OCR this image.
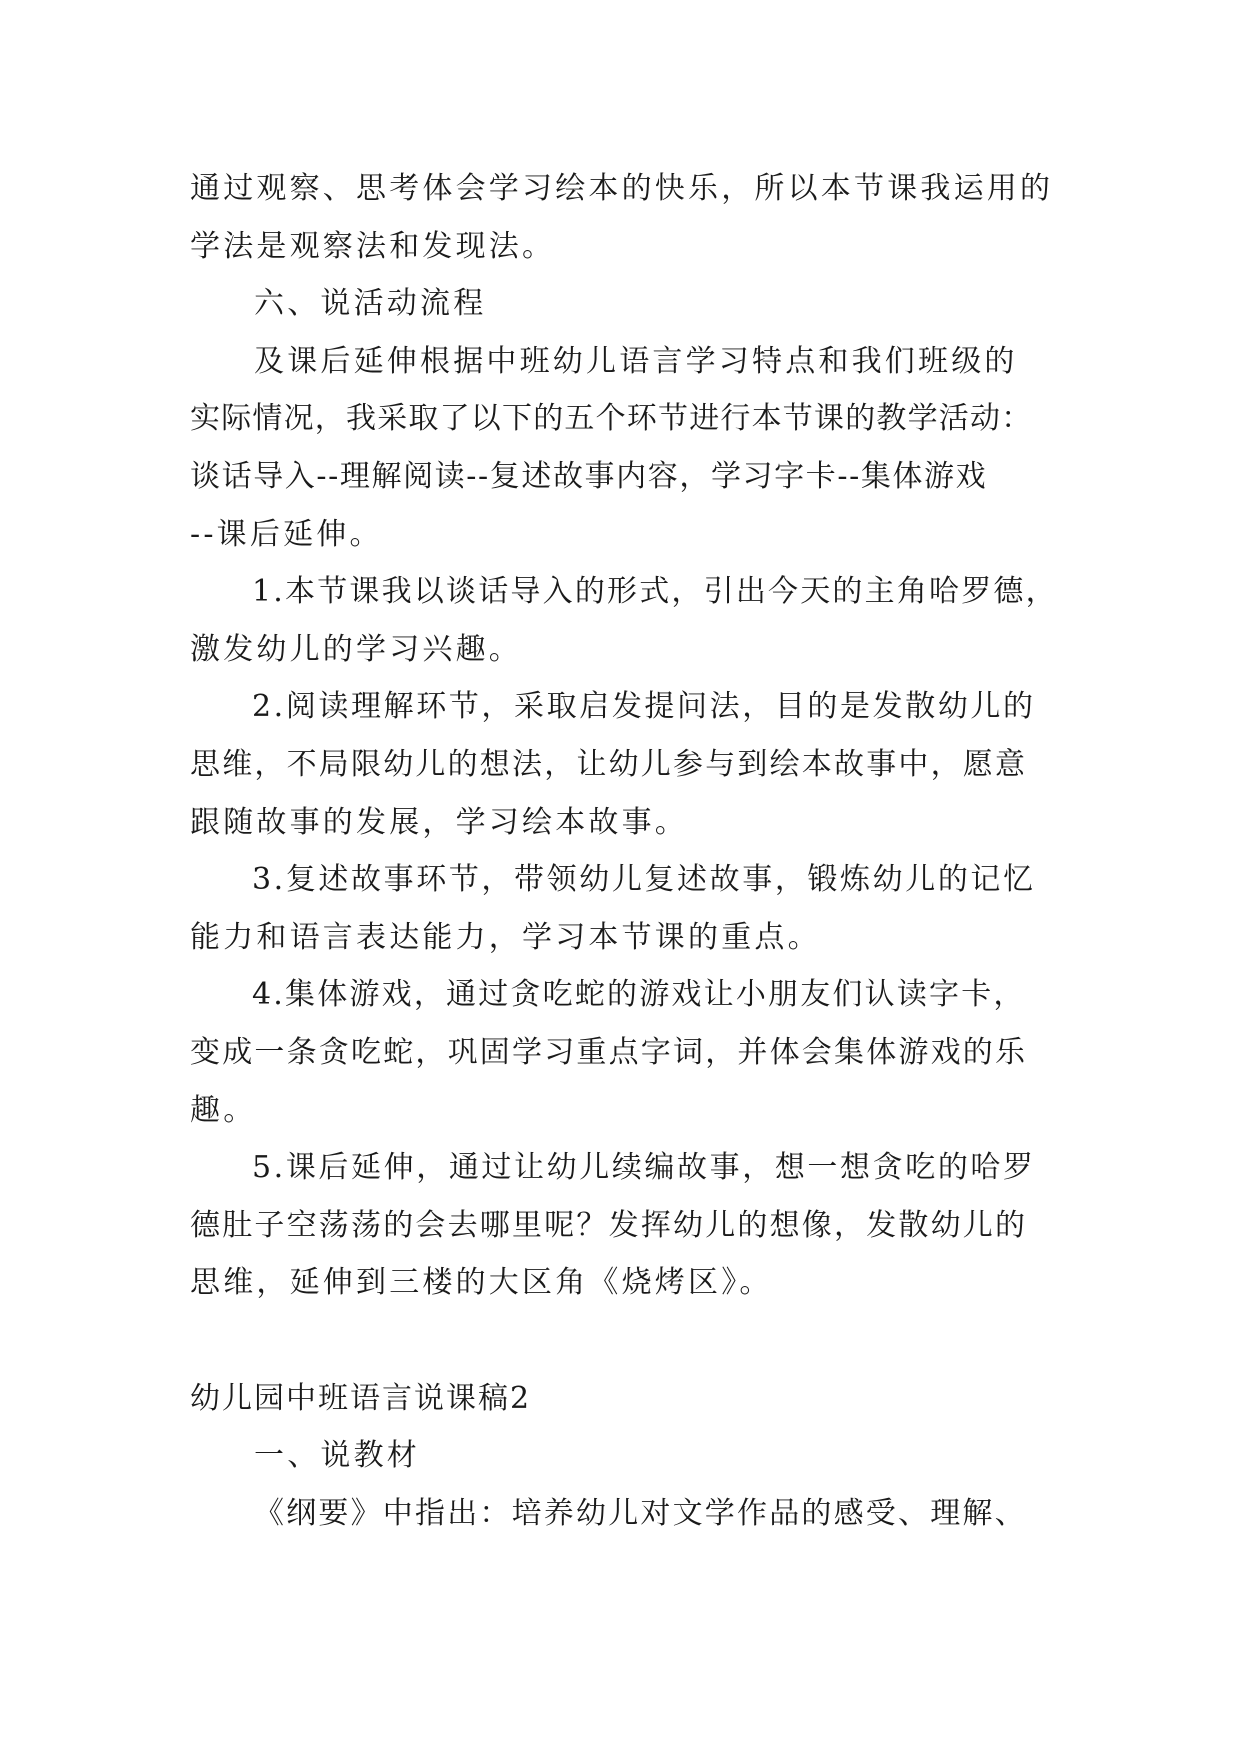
通过观察、思考体会学习绘本的快乐，所以本节课我运用的
学法是观察法和发现法。
六、说活动流程
及课后延伸根据中班幼儿语言学习特点和我们班级的
实际情况，我采取了以下的五个环节进行本节课的教学活动：
谈话导入--理解阅读--复述故事内容，学习字卡--集体游戏
--课后延伸。
1.本节课我以谈话导入的形式，引出今天的主角哈罗德，
激发幼儿的学习兴趣。
2.阅读理解环节，采取启发提问法，目的是发散幼儿的
思维，不局限幼儿的想法，让幼儿参与到绘本故事中，愿意
跟随故事的发展，学习绘本故事。
3.复述故事环节，带领幼儿复述故事，锻炼幼儿的记忆
能力和语言表达能力，学习本节课的重点。
4.集体游戏，通过贪吃蛇的游戏让小朋友们认读字卡，
变成一条贪吃蛇，巩固学习重点字词，并体会集体游戏的乐
趣。
5.课后延伸，通过让幼儿续编故事，想一想贪吃的哈罗
德肚子空荡荡的会去哪里呢？发挥幼儿的想像，发散幼儿的
思维，延伸到三楼的大区角《烧烤区》。
幼儿园中班语言说课稿2
一、说教材
《纲要》中指出：培养幼儿对文学作品的感受、理解、
